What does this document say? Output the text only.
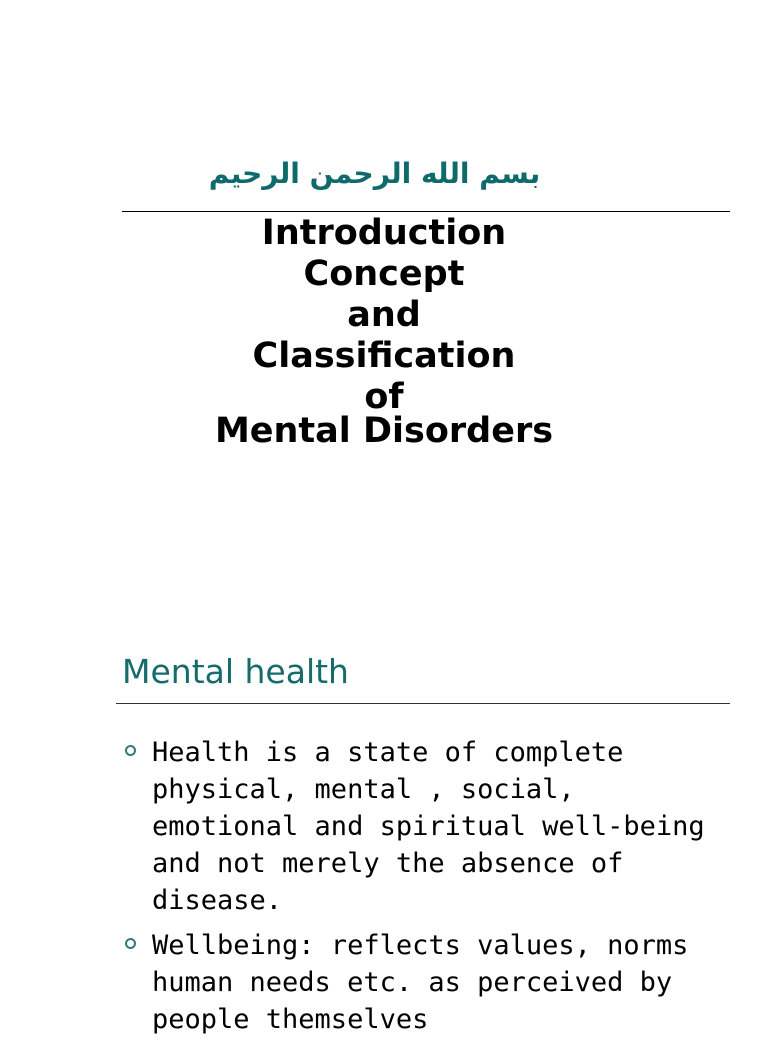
بسم الله الرحمن الرحيم
Introduction
Concept
and
Classification
of
Mental Disorders
Mental health
Health is a state of complete physical, mental , social, emotional and spiritual well-being and not merely the absence of disease.
Wellbeing: reflects values, norms human needs etc. as perceived by people themselves
